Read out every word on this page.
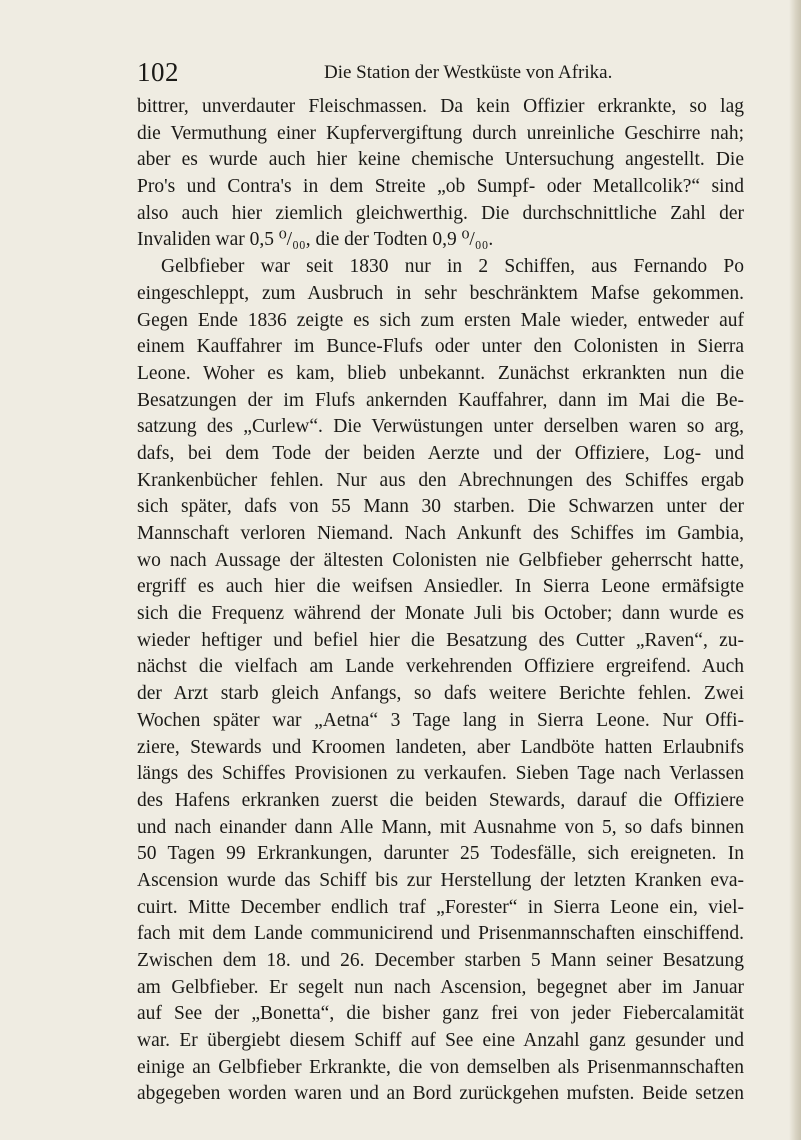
102	Die Station der Westküste von Afrika.
bittrer, unverdauter Fleischmassen. Da kein Offizier erkrankte, so lag
die Vermuthung einer Kupfervergiftung durch unreinliche Geschirre nah;
aber es wurde auch hier keine chemische Untersuchung angestellt. Die
Pro's und Contra's in dem Streite „ob Sumpf- oder Metallcolik?“ sind
also auch hier ziemlich gleichwerthig. Die durchschnittliche Zahl der
Invaliden war 0,5 ⁰/₀₀, die der Todten 0,9 ⁰/₀₀.
Gelbfieber war seit 1830 nur in 2 Schiffen, aus Fernando Po
eingeschleppt, zum Ausbruch in sehr beschränktem Mafse gekommen.
Gegen Ende 1836 zeigte es sich zum ersten Male wieder, entweder auf
einem Kauffahrer im Bunce-Flufs oder unter den Colonisten in Sierra
Leone. Woher es kam, blieb unbekannt. Zunächst erkrankten nun die
Besatzungen der im Flufs ankernden Kauffahrer, dann im Mai die Be-
satzung des „Curlew“. Die Verwüstungen unter derselben waren so arg,
dafs, bei dem Tode der beiden Aerzte und der Offiziere, Log- und
Krankenbücher fehlen. Nur aus den Abrechnungen des Schiffes ergab
sich später, dafs von 55 Mann 30 starben. Die Schwarzen unter der
Mannschaft verloren Niemand. Nach Ankunft des Schiffes im Gambia,
wo nach Aussage der ältesten Colonisten nie Gelbfieber geherrscht hatte,
ergriff es auch hier die weifsen Ansiedler. In Sierra Leone ermäfsigte
sich die Frequenz während der Monate Juli bis October; dann wurde es
wieder heftiger und befiel hier die Besatzung des Cutter „Raven“, zu-
nächst die vielfach am Lande verkehrenden Offiziere ergreifend. Auch
der Arzt starb gleich Anfangs, so dafs weitere Berichte fehlen. Zwei
Wochen später war „Aetna“ 3 Tage lang in Sierra Leone. Nur Offi-
ziere, Stewards und Kroomen landeten, aber Landböte hatten Erlaubnifs
längs des Schiffes Provisionen zu verkaufen. Sieben Tage nach Verlassen
des Hafens erkranken zuerst die beiden Stewards, darauf die Offiziere
und nach einander dann Alle Mann, mit Ausnahme von 5, so dafs binnen
50 Tagen 99 Erkrankungen, darunter 25 Todesfälle, sich ereigneten. In
Ascension wurde das Schiff bis zur Herstellung der letzten Kranken eva-
cuirt. Mitte December endlich traf „Forester“ in Sierra Leone ein, viel-
fach mit dem Lande communicirend und Prisenmannschaften einschiffend.
Zwischen dem 18. und 26. December starben 5 Mann seiner Besatzung
am Gelbfieber. Er segelt nun nach Ascension, begegnet aber im Januar
auf See der „Bonetta“, die bisher ganz frei von jeder Fiebercalamität
war. Er übergiebt diesem Schiff auf See eine Anzahl ganz gesunder und
einige an Gelbfieber Erkrankte, die von demselben als Prisenmannschaften
abgegeben worden waren und an Bord zurückgehen mufsten. Beide setzen
